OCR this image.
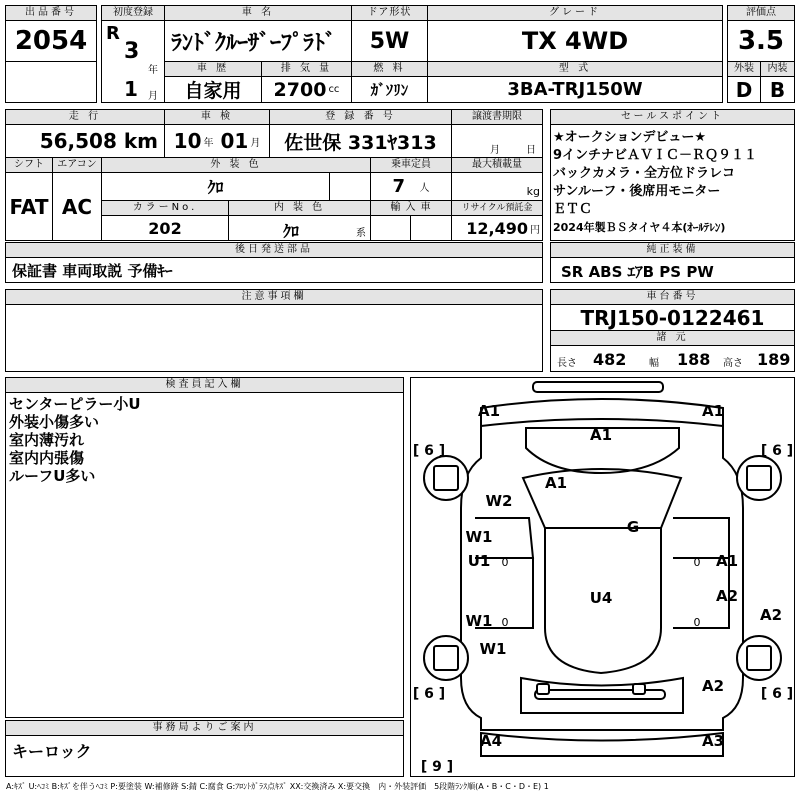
出品番号
2054
初度登録
R
3
年
1 月
車 名
ﾗﾝﾄﾞｸﾙｰｻﾞｰﾌﾟﾗﾄﾞ
車 歴
自家用
排 気 量
2700 cc
ドア形状
5W
燃 料
ｶﾞｿﾘﾝ
グレード
TX 4WD
型 式
3BA-TRJ150W
評価点
3.5
外装	内装
D B
走 行
56,508
km
車 検
10 年
01 月
登 録 番 号
佐世保 331ﾔ313
譲渡書期限
月	日
シフト
FAT
エアコン
AC
外 装 色
ｸﾛ
乗車定員
7
人
最大積載量
kg
カラーNo.
202
内 装 色
ｸﾛ	系
輸 入 車	リサイクル預託金
12,490 円
セールスポイント
★オークションデビュー★
9インチナビＡＶＩＣ－ＲＱ９１１
バックカメラ・全方位ドラレコ
サンルーフ・後席用モニター
ＥＴＣ
2024年製ＢＳタイヤ４本(ｵｰﾙﾃﾚﾝ)
後日発送部品
保証書 車両取説 予備ｷｰ
純正装備
SR ABS ｴｱB PS PW
注意事項欄	車台番号
TRJ150-0122461
諸 元
長さ 482 幅 188 高さ 189
検査員記入欄
センターピラー小U
外装小傷多い
室内薄汚れ
室内内張傷
ルーフU多い
事務局よりご案内
キーロック
A1	A1
A1
A1
W2
G
W1
U1	A1
U4	A2
A2
W1
W1
A2
A4	A3
0	0
0	0
[ 6 ]	[ 6 ]
[ 6 ]	[ 6 ]
[ 9 ]
A:ｷｽﾞ U:ﾍｺﾐ B:ｷｽﾞを伴うﾍｺﾐ P:要塗装 W:補修跡 S:錆 C:腐食 G:ﾌﾛﾝﾄｶﾞﾗｽ点ｷｽﾞ XX:交換済み X:要交換　内・外装評価　5段階ﾗﾝｸ順(A・B・C・D・E) 1
